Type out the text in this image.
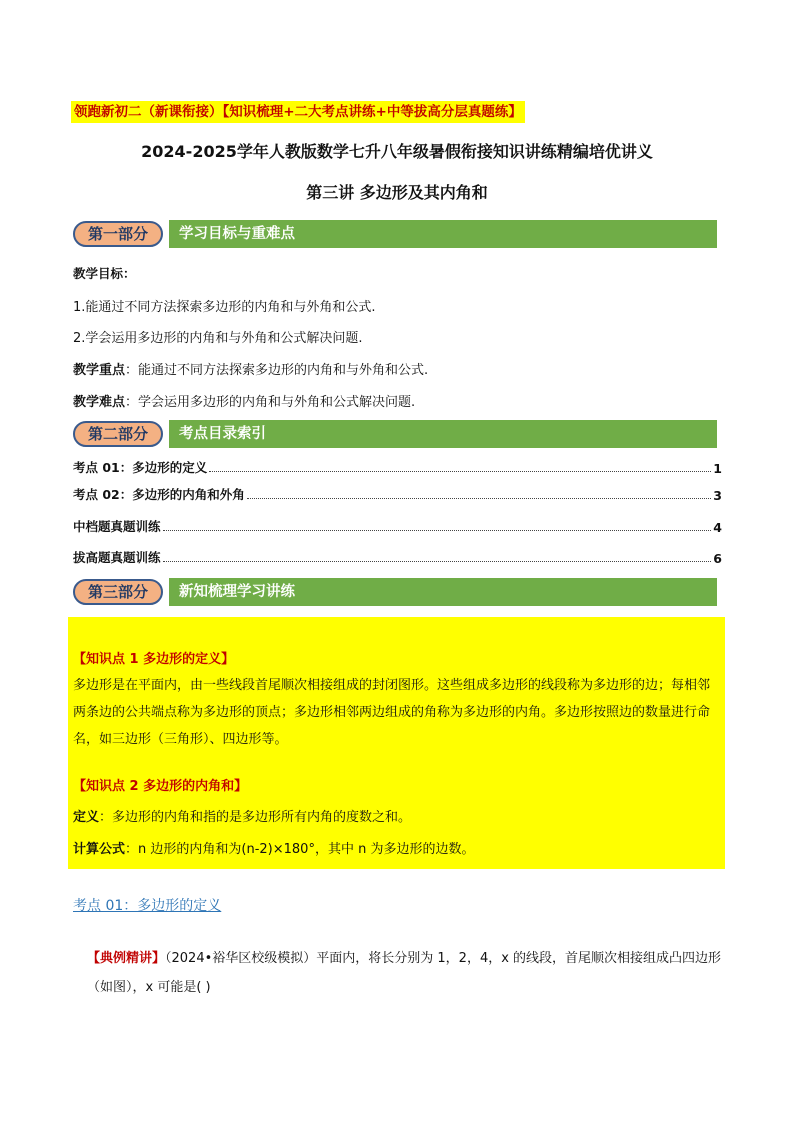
领跑新初二（新课衔接）【知识梳理+二大考点讲练+中等拔高分层真题练】
2024-2025学年人教版数学七升八年级暑假衔接知识讲练精编培优讲义
第三讲 多边形及其内角和
第一部分	学习目标与重难点
教学目标：
1.能通过不同方法探索多边形的内角和与外角和公式.
2.学会运用多边形的内角和与外角和公式解决问题.
教学重点：能通过不同方法探索多边形的内角和与外角和公式.
教学难点：学会运用多边形的内角和与外角和公式解决问题.
第二部分	考点目录索引
考点 01：多边形的定义	1
考点 02：多边形的内角和外角	3
中档题真题训练	4
拔高题真题训练	6
第三部分	新知梳理学习讲练
【知识点 1 多边形的定义】
多边形是在平面内，由一些线段首尾顺次相接组成的封闭图形。这些组成多边形的线段称为多边形的边；每相邻两条边的公共端点称为多边形的顶点；多边形相邻两边组成的角称为多边形的内角。多边形按照边的数量进行命名，如三边形（三角形）、四边形等。
【知识点 2 多边形的内角和】
定义：多边形的内角和指的是多边形所有内角的度数之和。
计算公式：n 边形的内角和为(n-2)×180°，其中 n 为多边形的边数。
考点 01：多边形的定义
【典例精讲】（2024•裕华区校级模拟）平面内，将长分别为 1，2，4，x 的线段，首尾顺次相接组成凸四边形（如图），x 可能是( )
